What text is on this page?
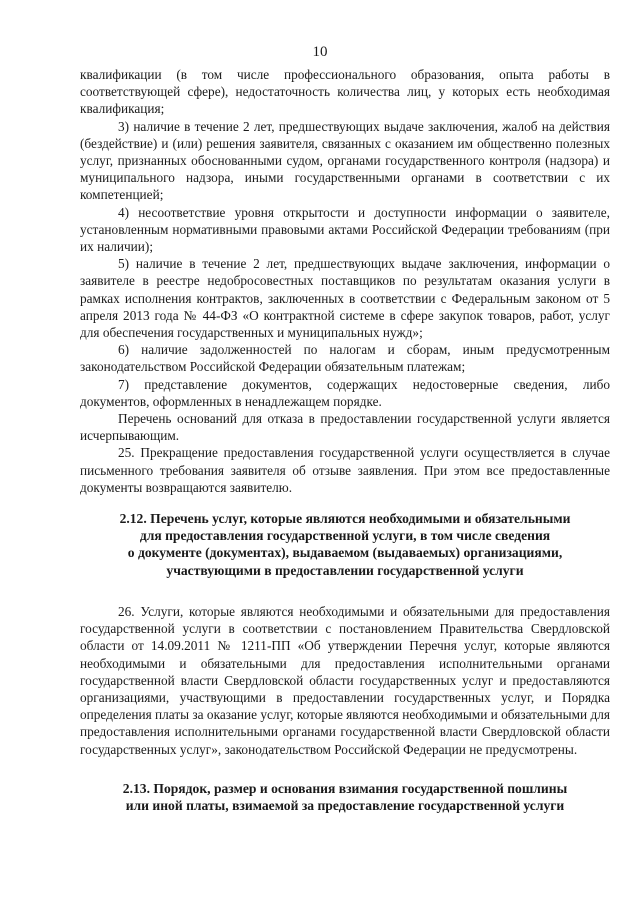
10

квалификации (в том числе профессионального образования, опыта работы в соответствующей сфере), недостаточность количества лиц, у которых есть необходимая квалификация;

3) наличие в течение 2 лет, предшествующих выдаче заключения, жалоб на действия (бездействие) и (или) решения заявителя, связанных с оказанием им общественно полезных услуг, признанных обоснованными судом, органами государственного контроля (надзора) и муниципального надзора, иными государственными органами в соответствии с их компетенцией;

4) несоответствие уровня открытости и доступности информации о заявителе, установленным нормативными правовыми актами Российской Федерации требованиям (при их наличии);

5) наличие в течение 2 лет, предшествующих выдаче заключения, информации о заявителе в реестре недобросовестных поставщиков по результатам оказания услуги в рамках исполнения контрактов, заключенных в соответствии с Федеральным законом от 5 апреля 2013 года № 44-ФЗ «О контрактной системе в сфере закупок товаров, работ, услуг для обеспечения государственных и муниципальных нужд»;

6) наличие задолженностей по налогам и сборам, иным предусмотренным законодательством Российской Федерации обязательным платежам;

7) представление документов, содержащих недостоверные сведения, либо документов, оформленных в ненадлежащем порядке.

Перечень оснований для отказа в предоставлении государственной услуги является исчерпывающим.

25. Прекращение предоставления государственной услуги осуществляется в случае письменного требования заявителя об отзыве заявления. При этом все предоставленные документы возвращаются заявителю.

2.12. Перечень услуг, которые являются необходимыми и обязательными
для предоставления государственной услуги, в том числе сведения
о документе (документах), выдаваемом (выдаваемых) организациями,
участвующими в предоставлении государственной услуги

26. Услуги, которые являются необходимыми и обязательными для предоставления государственной услуги в соответствии с постановлением Правительства Свердловской области от 14.09.2011 № 1211-ПП «Об утверждении Перечня услуг, которые являются необходимыми и обязательными для предоставления исполнительными органами государственной власти Свердловской области государственных услуг и предоставляются организациями, участвующими в предоставлении государственных услуг, и Порядка определения платы за оказание услуг, которые являются необходимыми и обязательными для предоставления исполнительными органами государственной власти Свердловской области государственных услуг», законодательством Российской Федерации не предусмотрены.

2.13. Порядок, размер и основания взимания государственной пошлины
или иной платы, взимаемой за предоставление государственной услуги
